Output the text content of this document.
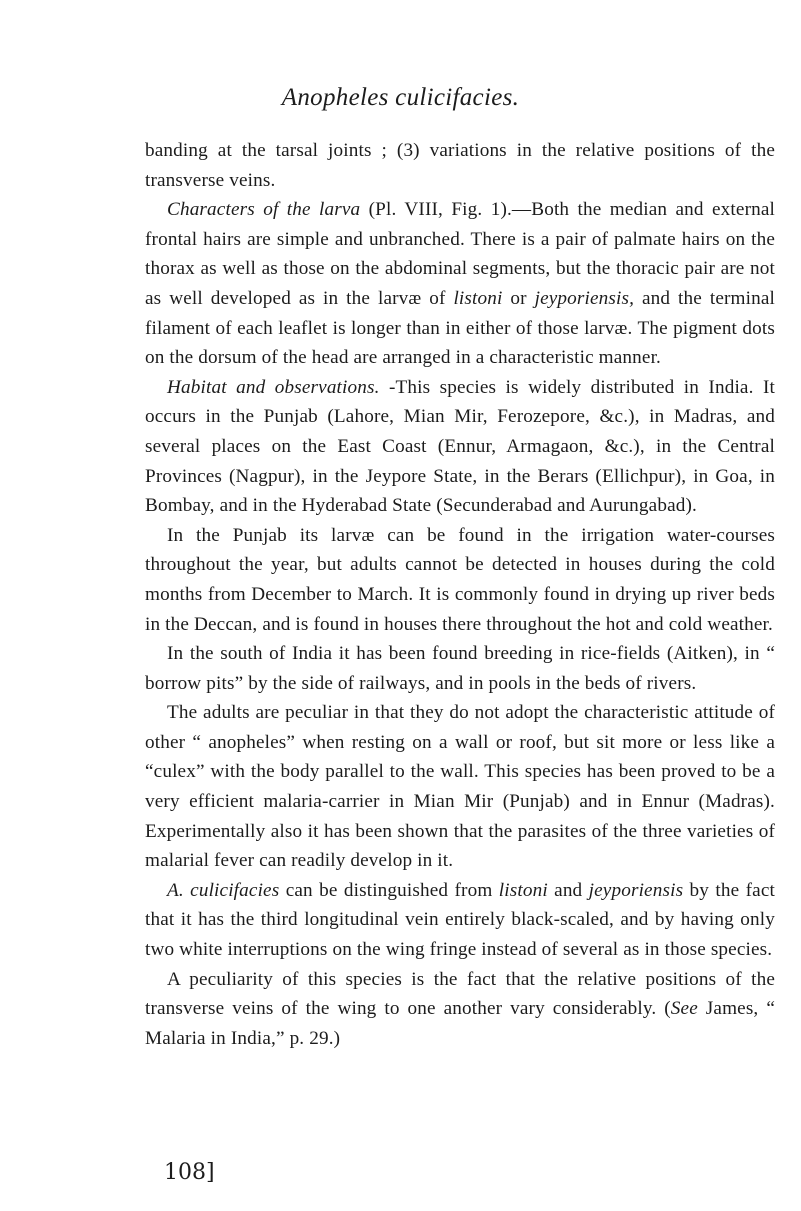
Anopheles culicifacies.

banding at the tarsal joints ; (3) variations in the relative positions of the transverse veins.

Characters of the larva (Pl. VIII, Fig. 1).—Both the median and external frontal hairs are simple and unbranched. There is a pair of palmate hairs on the thorax as well as those on the abdominal segments, but the thoracic pair are not as well developed as in the larvæ of listoni or jeyporiensis, and the terminal filament of each leaflet is longer than in either of those larvæ. The pigment dots on the dorsum of the head are arranged in a characteristic manner.

Habitat and observations. -This species is widely distributed in India. It occurs in the Punjab (Lahore, Mian Mir, Ferozepore, &c.), in Madras, and several places on the East Coast (Ennur, Armagaon, &c.), in the Central Provinces (Nagpur), in the Jeypore State, in the Berars (Ellichpur), in Goa, in Bombay, and in the Hyderabad State (Secunderabad and Aurungabad).

In the Punjab its larvæ can be found in the irrigation water-courses throughout the year, but adults cannot be detected in houses during the cold months from December to March. It is commonly found in drying up river beds in the Deccan, and is found in houses there throughout the hot and cold weather.

In the south of India it has been found breeding in rice-fields (Aitken), in “ borrow pits” by the side of railways, and in pools in the beds of rivers.

The adults are peculiar in that they do not adopt the characteristic attitude of other “ anopheles” when resting on a wall or roof, but sit more or less like a “culex” with the body parallel to the wall. This species has been proved to be a very efficient malaria-carrier in Mian Mir (Punjab) and in Ennur (Madras). Experimentally also it has been shown that the parasites of the three varieties of malarial fever can readily develop in it.

A. culicifacies can be distinguished from listoni and jeyporiensis by the fact that it has the third longitudinal vein entirely black-scaled, and by having only two white interruptions on the wing fringe instead of several as in those species.

A peculiarity of this species is the fact that the relative positions of the transverse veins of the wing to one another vary considerably. (See James, “ Malaria in India,” p. 29.)

108]
